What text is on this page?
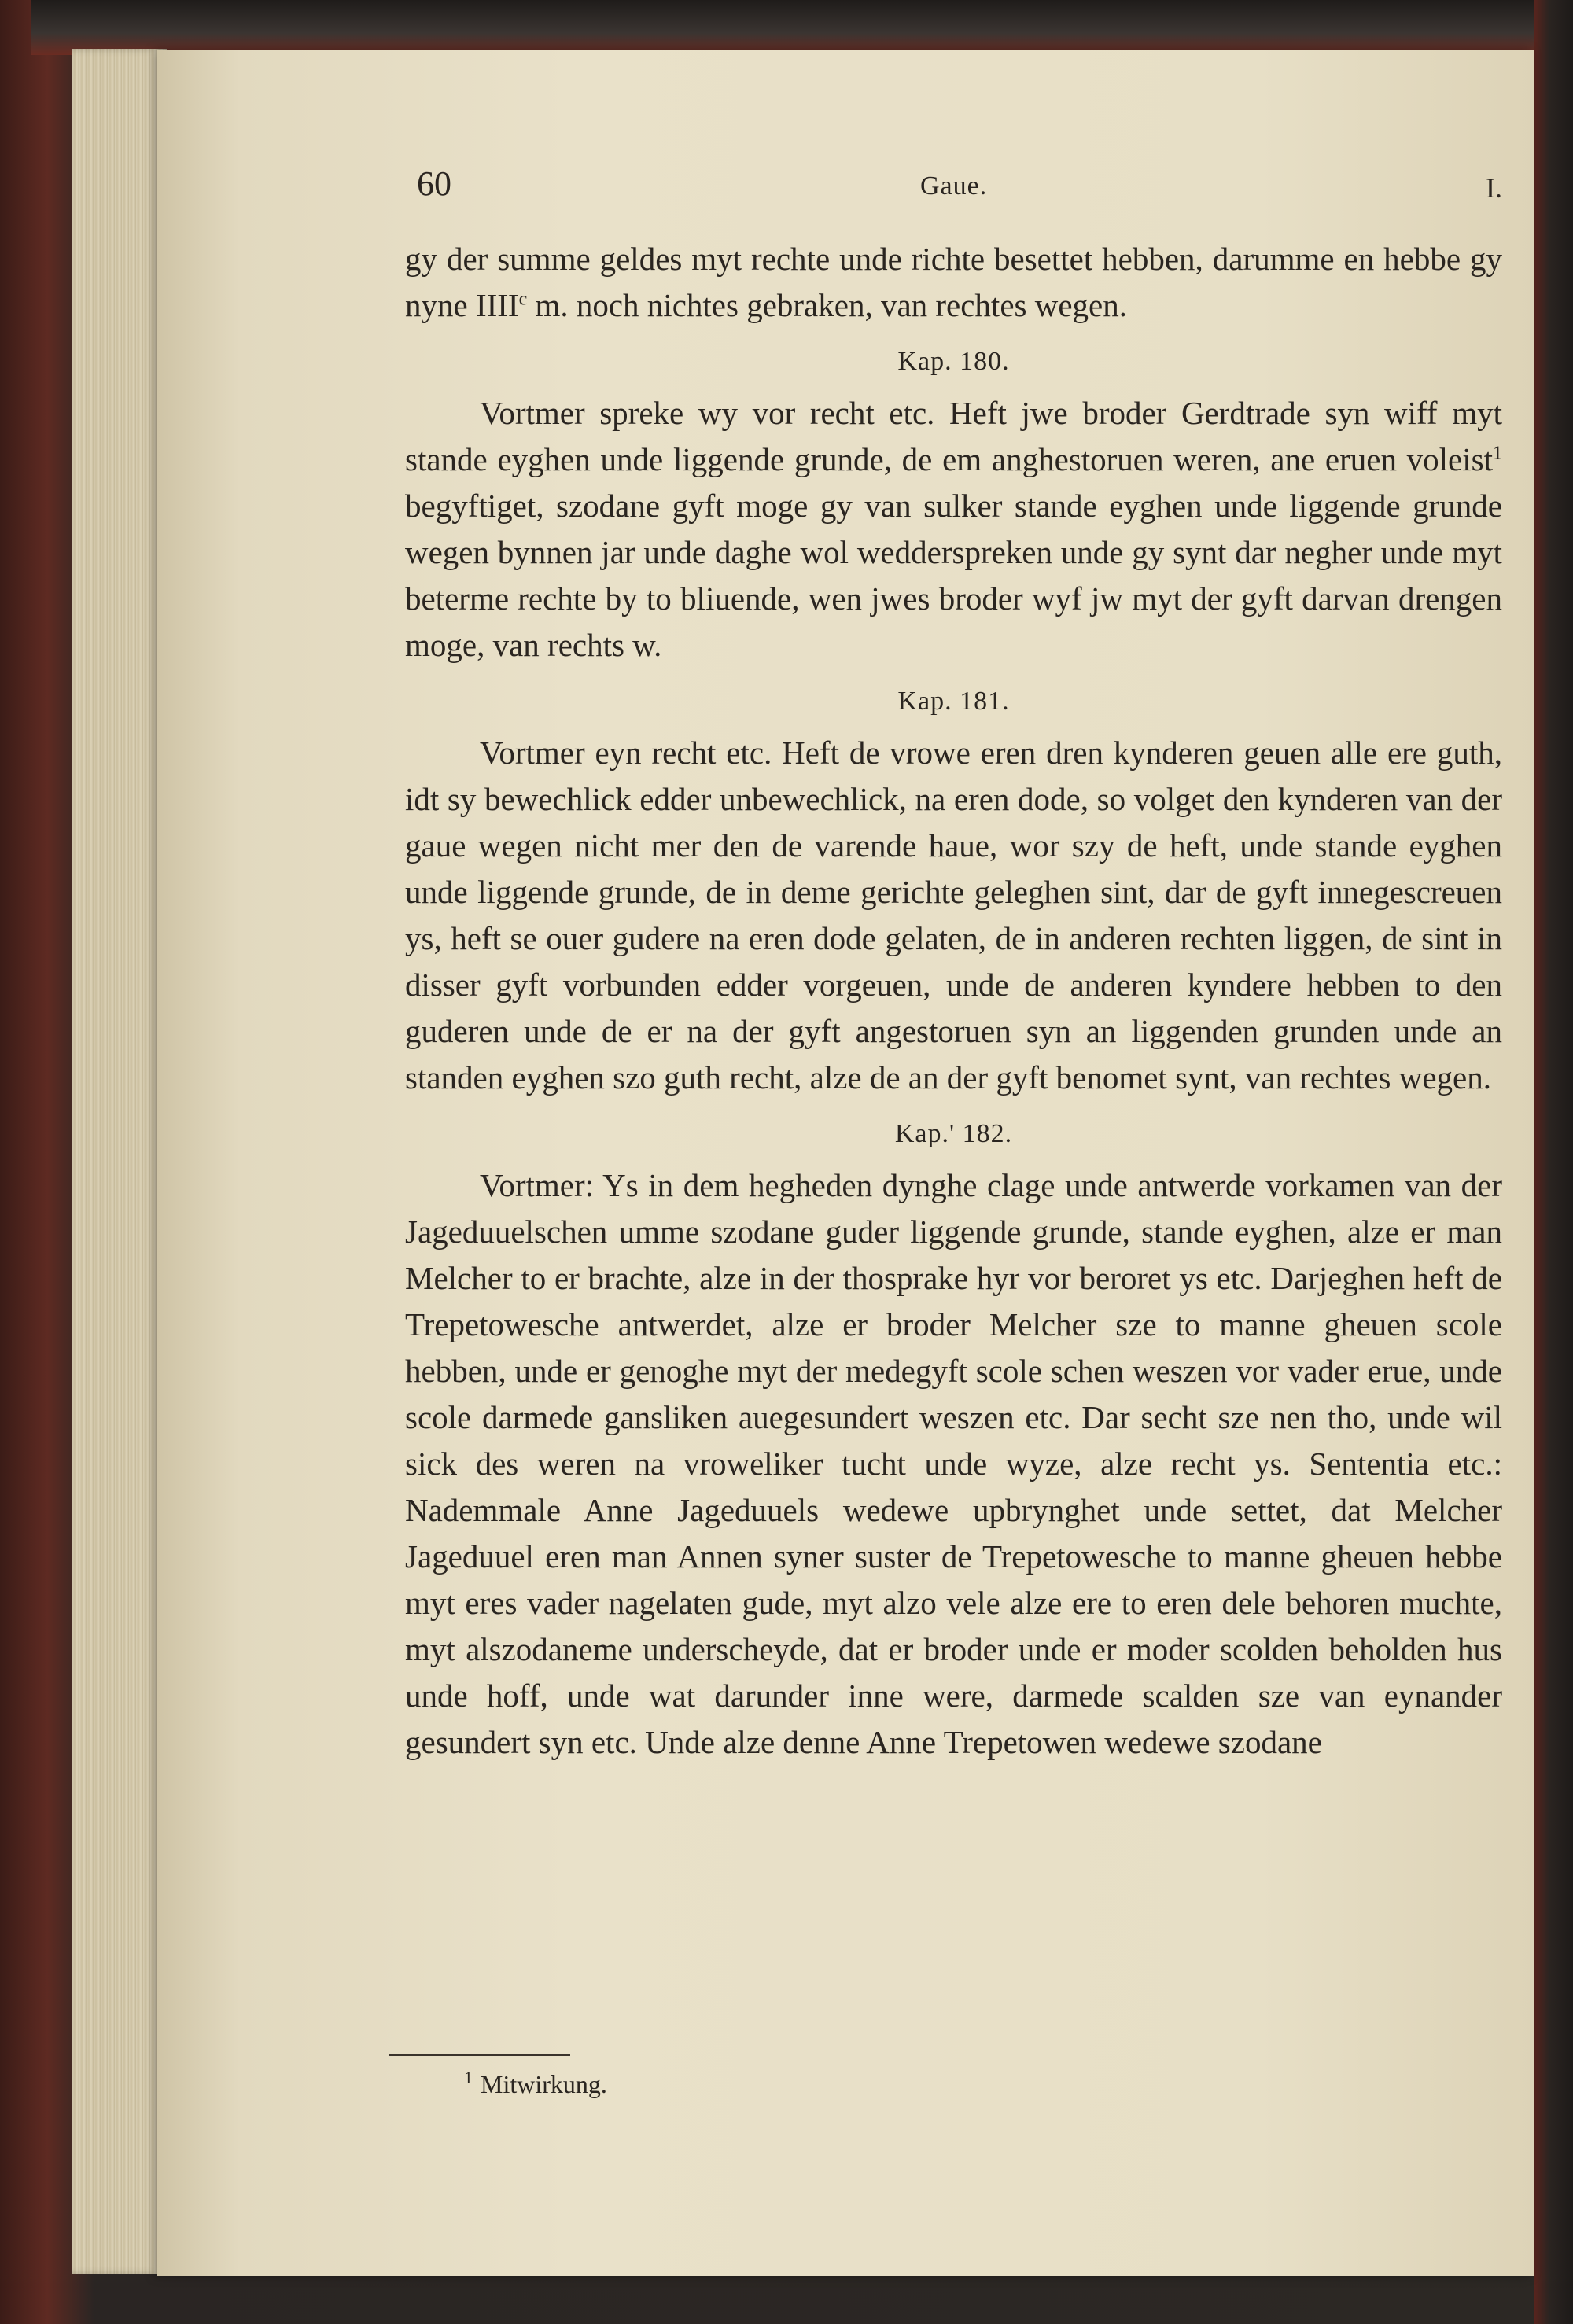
60	Gaue.	I.

gy der summe geldes myt rechte unde richte besettet hebben, darumme en hebbe gy nyne IIII$^c$ m. noch nichtes gebraken, van rechtes wegen.

Kap. 180.

Vortmer spreke wy vor recht etc. Heft jwe broder Gerdtrade syn wiff myt stande eyghen unde liggende grunde, de em anghestoruen weren, ane eruen voleist$^1$ begyftiget, szodane gyft moge gy van sulker stande eyghen unde liggende grunde wegen bynnen jar unde daghe wol wedderspreken unde gy synt dar negher unde myt beterme rechte by to bliuende, wen jwes broder wyf jw myt der gyft darvan drengen moge, van rechts w.

Kap. 181.

Vortmer eyn recht etc. Heft de vrowe eren dren kynderen geuen alle ere guth, idt sy bewechlick edder unbewechlick, na eren dode, so volget den kynderen van der gaue wegen nicht mer den de varende haue, wor szy de heft, unde stande eyghen unde liggende grunde, de in deme gerichte geleghen sint, dar de gyft innegescreuen ys, heft se ouer gudere na eren dode gelaten, de in anderen rechten liggen, de sint in disser gyft vorbunden edder vorgeuen, unde de anderen kyndere hebben to den guderen unde de er na der gyft angestoruen syn an liggenden grunden unde an standen eyghen szo guth recht, alze de an der gyft benomet synt, van rechtes wegen.

Kap.' 182.

Vortmer: Ys in dem hegheden dynghe clage unde antwerde vorkamen van der Jageduuelschen umme szodane guder liggende grunde, stande eyghen, alze er man Melcher to er brachte, alze in der thosprake hyr vor beroret ys etc. Darjeghen heft de Trepetowesche antwerdet, alze er broder Melcher sze to manne gheuen scole hebben, unde er genoghe myt der medegyft scole schen weszen vor vader erue, unde scole darmede gansliken auegesundert weszen etc. Dar secht sze nen tho, unde wil sick des weren na vroweliker tucht unde wyze, alze recht ys. Sententia etc.: Nademmale Anne Jageduuels wedewe upbrynghet unde settet, dat Melcher Jageduuel eren man Annen syner suster de Trepetowesche to manne gheuen hebbe myt eres vader nagelaten gude, myt alzo vele alze ere to eren dele behoren muchte, myt alszodaneme underscheyde, dat er broder unde er moder scolden beholden hus unde hoff, unde wat darunder inne were, darmede scalden sze van eynander gesundert syn etc. Unde alze denne Anne Trepetowen wedewe szodane

$^1$ Mitwirkung.
